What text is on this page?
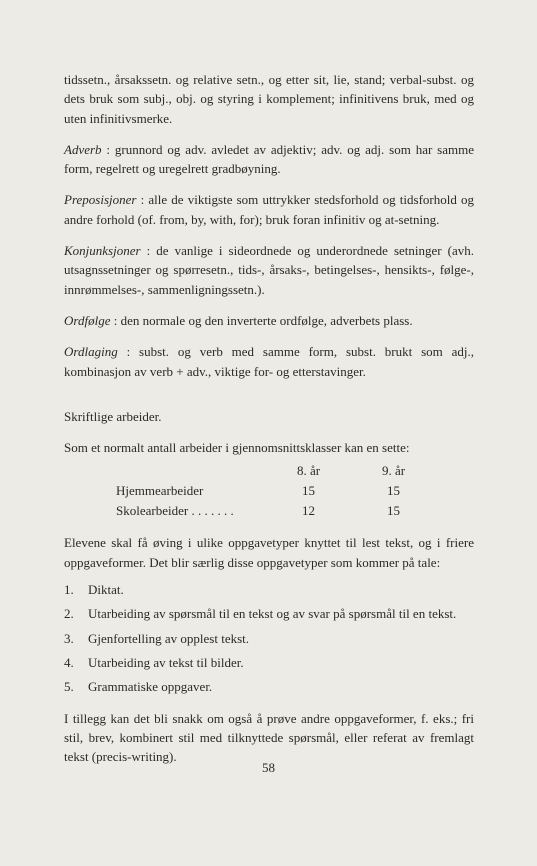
tidssetn., årsakssetn. og relative setn., og etter sit, lie, stand; verbal-subst. og dets bruk som subj., obj. og styring i komplement; infinitivens bruk, med og uten infinitivsmerke.

Adverb : grunnord og adv. avledet av adjektiv; adv. og adj. som har samme form, regelrett og uregelrett gradbøyning.

Preposisjoner : alle de viktigste som uttrykker stedsforhold og tidsforhold og andre forhold (of. from, by, with, for); bruk foran infinitiv og at-setning.

Konjunksjoner : de vanlige i sideordnede og underordnede setninger (avh. utsagnssetninger og spørresetn., tids-, årsaks-, betingelses-, hensikts-, følge-, innrømmelses-, sammenligningssetn.).

Ordfølge : den normale og den inverterte ordfølge, adverbets plass.

Ordlaging : subst. og verb med samme form, subst. brukt som adj., kombinasjon av verb + adv., viktige for- og etterstavinger.

Skriftlige arbeider.

Som et normalt antall arbeider i gjennomsnittsklasser kan en sette:

	8. år	9. år
Hjemmearbeider	15	15
Skolearbeider . . . . . . .	12	15

Elevene skal få øving i ulike oppgavetyper knyttet til lest tekst, og i friere oppgaveformer. Det blir særlig disse oppgavetyper som kommer på tale:

1.	Diktat.
2.	Utarbeiding av spørsmål til en tekst og av svar på spørsmål til en tekst.
3.	Gjenfortelling av opplest tekst.
4.	Utarbeiding av tekst til bilder.
5.	Grammatiske oppgaver.

I tillegg kan det bli snakk om også å prøve andre oppgaveformer, f. eks.; fri stil, brev, kombinert stil med tilknyttede spørsmål, eller referat av fremlagt tekst (precis-writing).

58
